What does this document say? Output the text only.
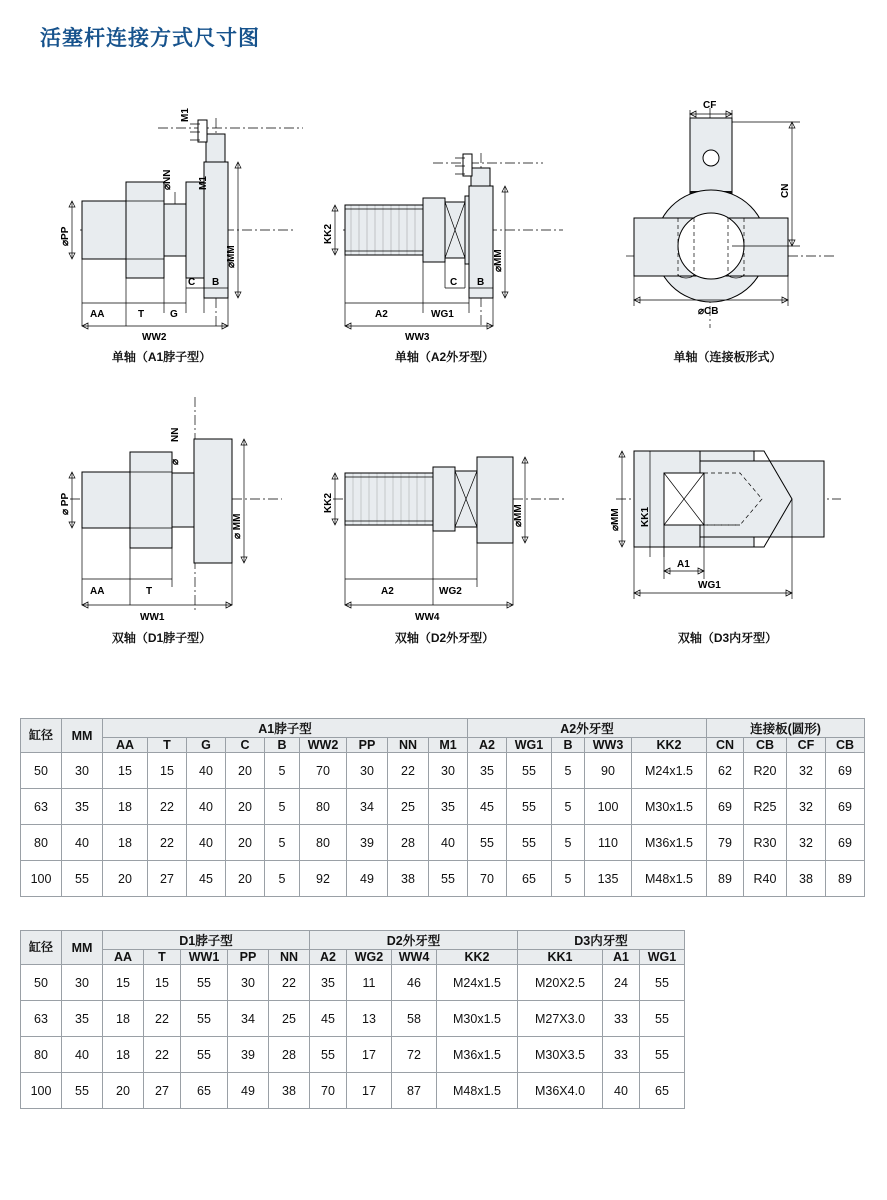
活塞杆连接方式尺寸图
M1
⌀PP
⌀NN	M1
⌀MM
AA	T	G
C B
WW2
单轴（A1脖子型）
⌀MM
KK2
A2	WG1
C B
WW3
单轴（A2外牙型）
CF
CN
⌀CB
单轴（连接板形式）
⌀ PP
NN
⌀
⌀ MM
AA	T
WW1
双轴（D1脖子型）
KK2
⌀MM
A2	WG2
WW4
双轴（D2外牙型）
⌀MM KK1
A1
WG1
双轴（D3内牙型）
缸径	MM	A1脖子型									A2外牙型					连接板(圆形)			
		AA	T	G	C	B	WW2	PP	NN	M1	A2	WG1	B	WW3	KK2	CN	CB	CF	CB
50	30	15	15	40	20	5	70	30	22	30	35	55	5	90	M24x1.5	62	R20	32	69
63	35	18	22	40	20	5	80	34	25	35	45	55	5	100	M30x1.5	69	R25	32	69
80	40	18	22	40	20	5	80	39	28	40	55	55	5	110	M36x1.5	79	R30	32	69
100	55	20	27	45	20	5	92	49	38	55	70	65	5	135	M48x1.5	89	R40	38	89
缸径	MM	D1脖子型					D2外牙型				D3内牙型		
		AA	T	WW1	PP	NN	A2	WG2	WW4	KK2	KK1	A1	WG1
50	30	15	15	55	30	22	35	11	46	M24x1.5	M20X2.5	24	55
63	35	18	22	55	34	25	45	13	58	M30x1.5	M27X3.0	33	55
80	40	18	22	55	39	28	55	17	72	M36x1.5	M30X3.5	33	55
100	55	20	27	65	49	38	70	17	87	M48x1.5	M36X4.0	40	65
